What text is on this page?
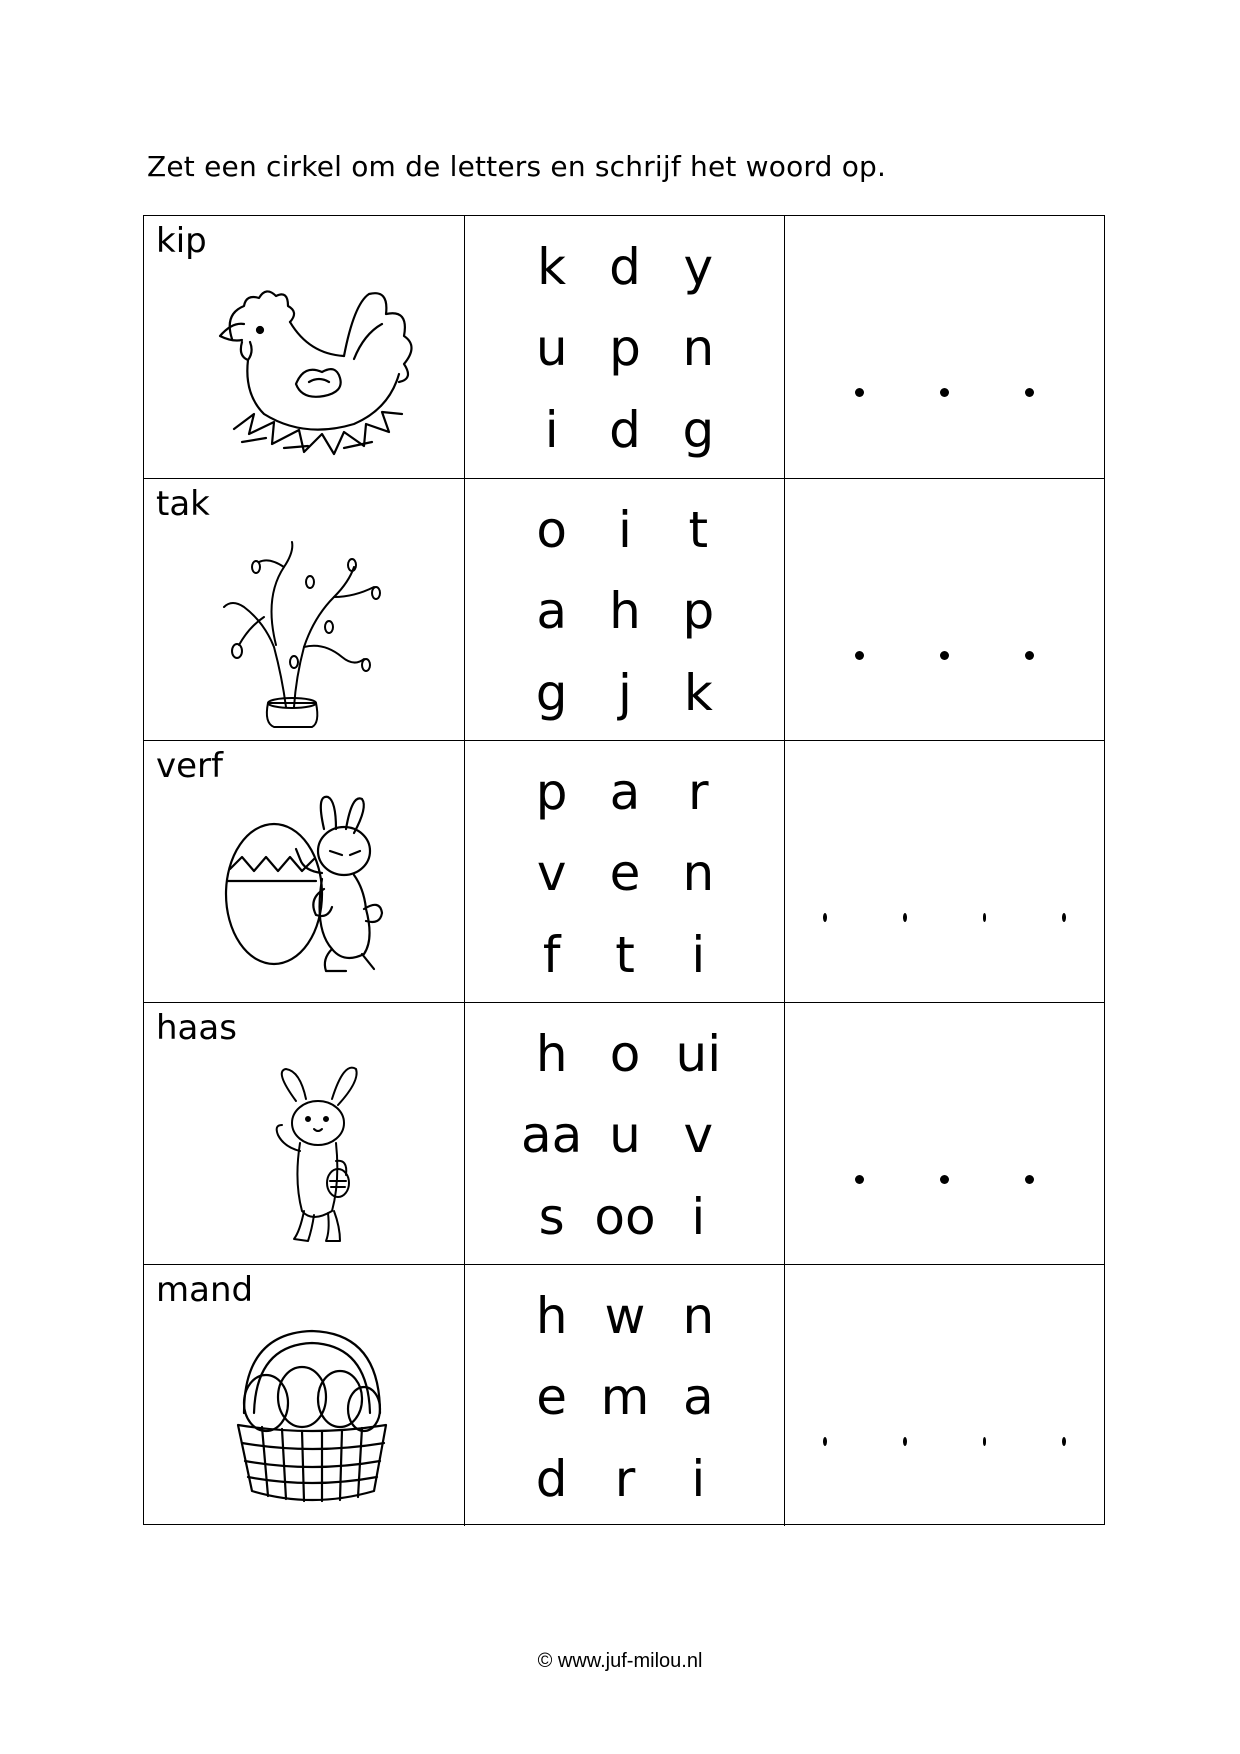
Zet een cirkel om de letters en schrijf het woord op.
kip	k d y
u p n
i d g
tak	o i t
a h p
g j k
verf	p a r
v e n
f t i
haas	h o ui
aa u v
s oo i
mand	h w n
e m a
d r i
© www.juf-milou.nl
